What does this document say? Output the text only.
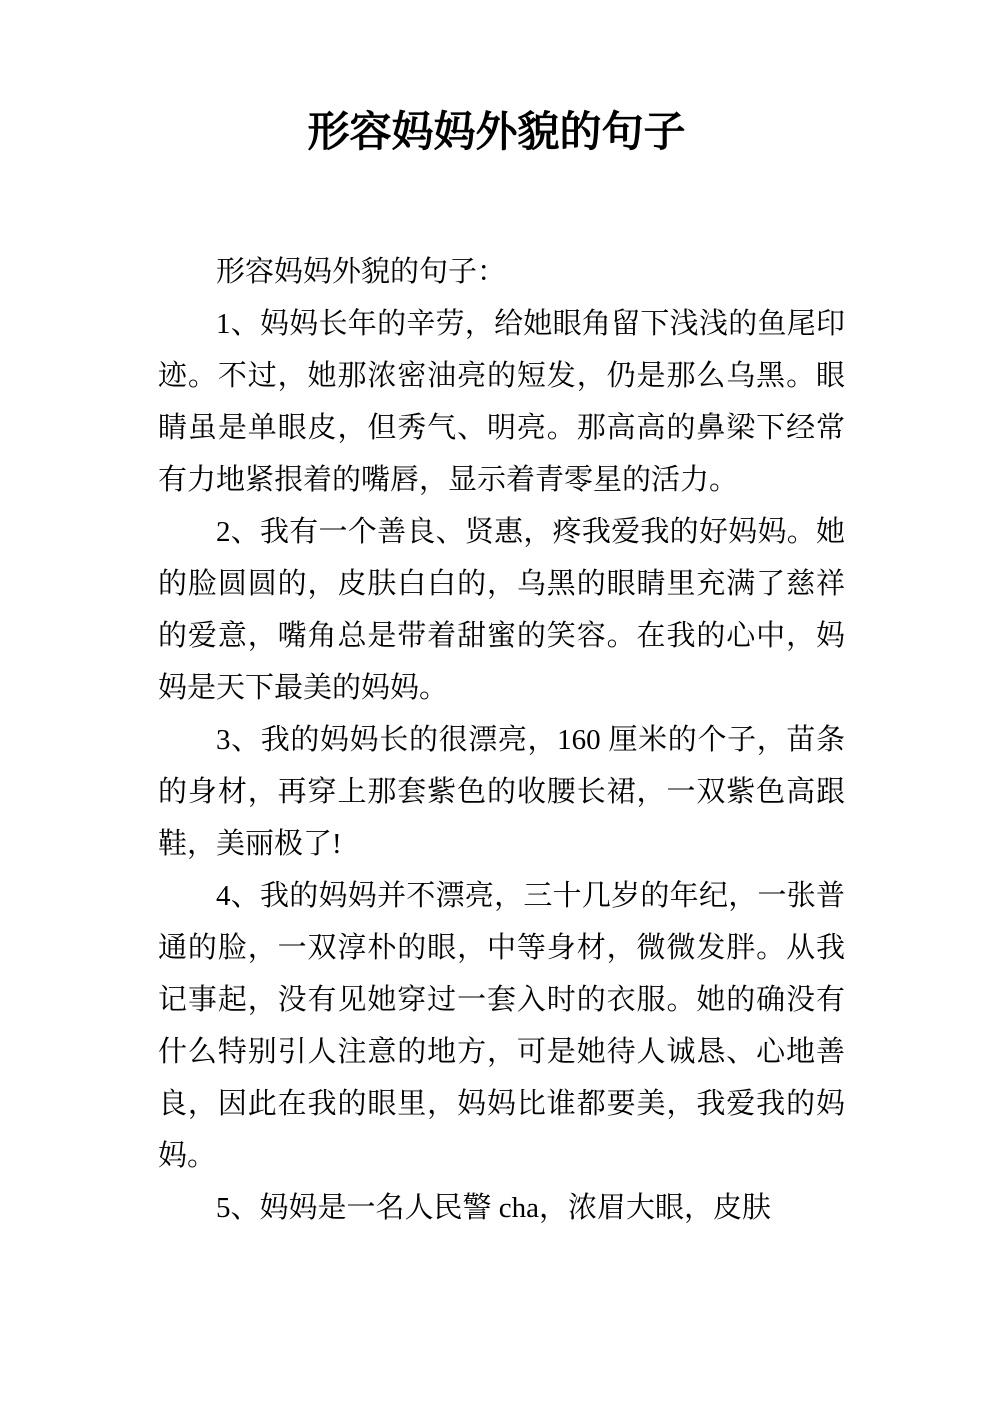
形容妈妈外貌的句子

形容妈妈外貌的句子：

1、妈妈长年的辛劳，给她眼角留下浅浅的鱼尾印迹。不过，她那浓密油亮的短发，仍是那么乌黑。眼睛虽是单眼皮，但秀气、明亮。那高高的鼻梁下经常有力地紧拫着的嘴唇，显示着青零星的活力。

2、我有一个善良、贤惠，疼我爱我的好妈妈。她的脸圆圆的，皮肤白白的，乌黑的眼睛里充满了慈祥的爱意，嘴角总是带着甜蜜的笑容。在我的心中，妈妈是天下最美的妈妈。

3、我的妈妈长的很漂亮，160 厘米的个子，苗条的身材，再穿上那套紫色的收腰长裙，一双紫色高跟鞋，美丽极了!

4、我的妈妈并不漂亮，三十几岁的年纪，一张普通的脸，一双淳朴的眼，中等身材，微微发胖。从我记事起，没有见她穿过一套入时的衣服。她的确没有什么特别引人注意的地方，可是她待人诚恳、心地善良，因此在我的眼里，妈妈比谁都要美，我爱我的妈妈。

5、妈妈是一名人民警 cha，浓眉大眼，皮肤
